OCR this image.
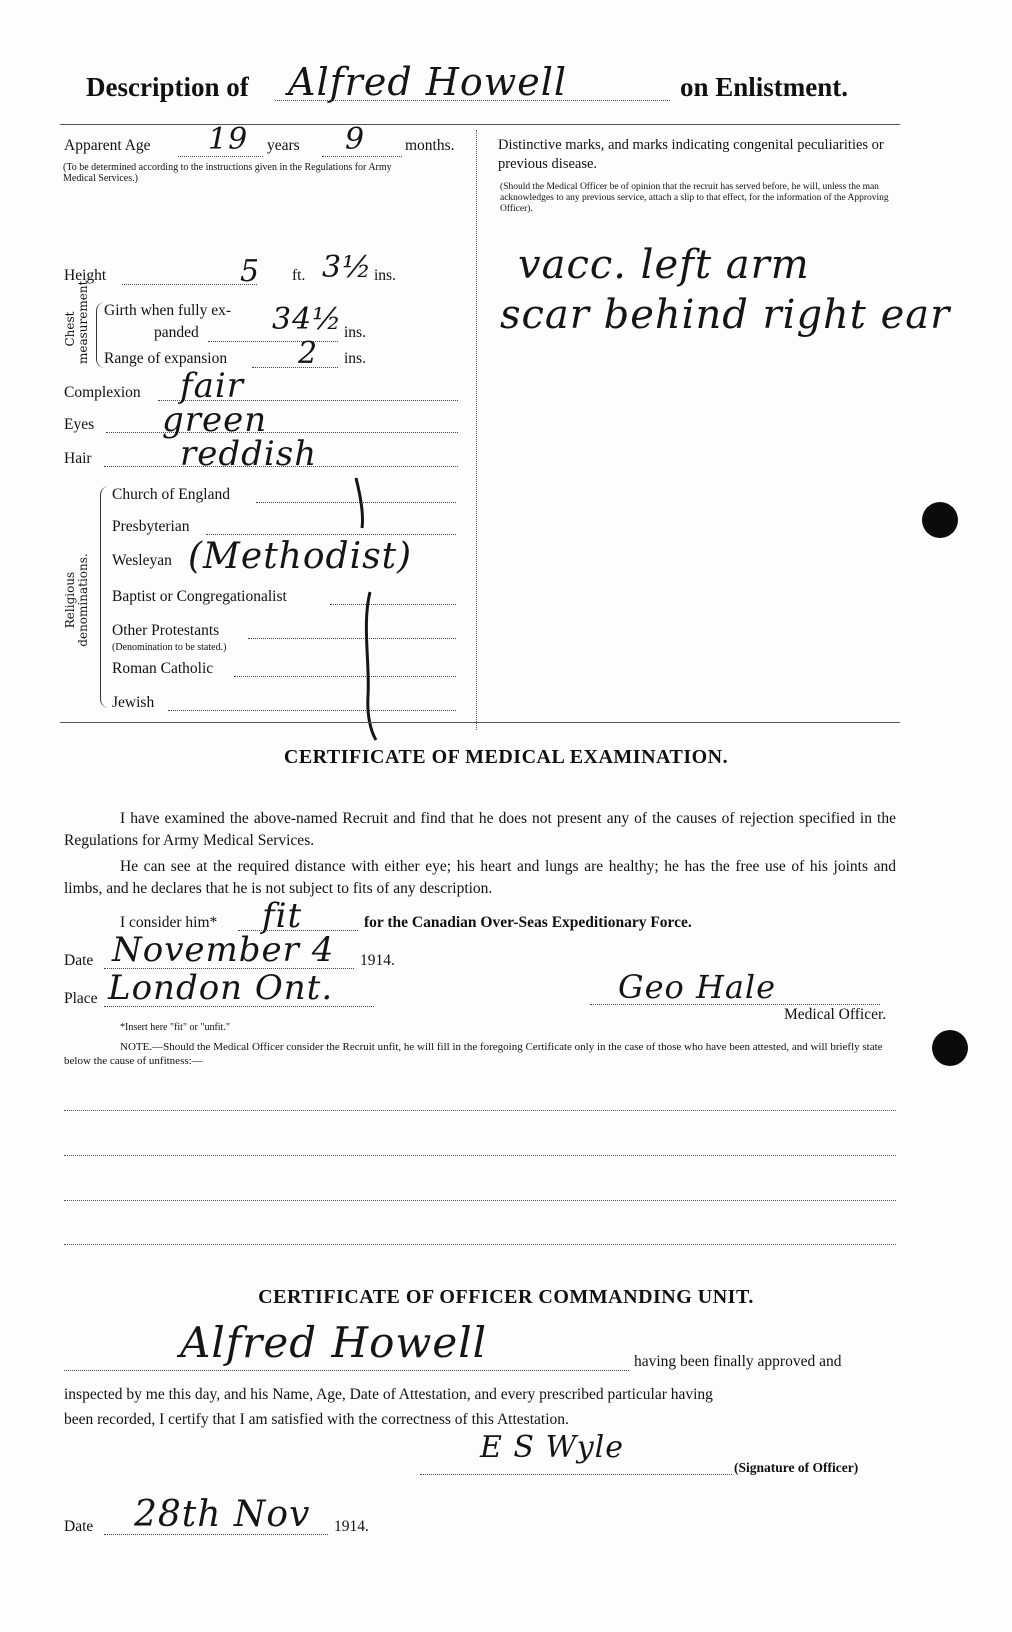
Description of Alfred Howell	on Enlistment.
Apparent Age 19 years 9	months.
(To be determined according to the instructions given in the Regulations for Army Medical Services.)
Distinctive marks, and marks indicating congenital peculiarities or previous disease.
(Should the Medical Officer be of opinion that the recruit has served before, he will, unless the man acknowledges to any previous service, attach a slip to that effect, for the information of the Approving Officer).
vacc. left arm
scar behind right ear
Height	5 ft. 3½ ins.
Chest measurement Girth when fully ex-
panded 34½ ins.
Range of expansion 2 ins.
Complexion fair
Eyes green
Hair	reddish
Religious denominations.
Church of England
Presbyterian
Wesleyan (Methodist)
Baptist or Congregationalist
Other Protestants
(Denomination to be stated.)
Roman Catholic
Jewish
CERTIFICATE OF MEDICAL EXAMINATION.
I have examined the above-named Recruit and find that he does not present any of the causes of rejection specified in the Regulations for Army Medical Services.
He can see at the required distance with either eye; his heart and lungs are healthy; he has the free use of his joints and limbs, and he declares that he is not subject to fits of any description.
I consider him* fit	for the Canadian Over-Seas Expeditionary Force.
Date November 4 1914.
Place London Ont.	Geo Hale
Medical Officer.
*Insert here "fit" or "unfit."
NOTE.—Should the Medical Officer consider the Recruit unfit, he will fill in the foregoing Certificate only in the case of those who have been attested, and will briefly state below the cause of unfitness:—
CERTIFICATE OF OFFICER COMMANDING UNIT.
Alfred Howell	having been finally approved and
inspected by me this day, and his Name, Age, Date of Attestation, and every prescribed particular having
been recorded, I certify that I am satisfied with the correctness of this Attestation.
E S Wyle
(Signature of Officer)
Date 28th Nov 1914.
